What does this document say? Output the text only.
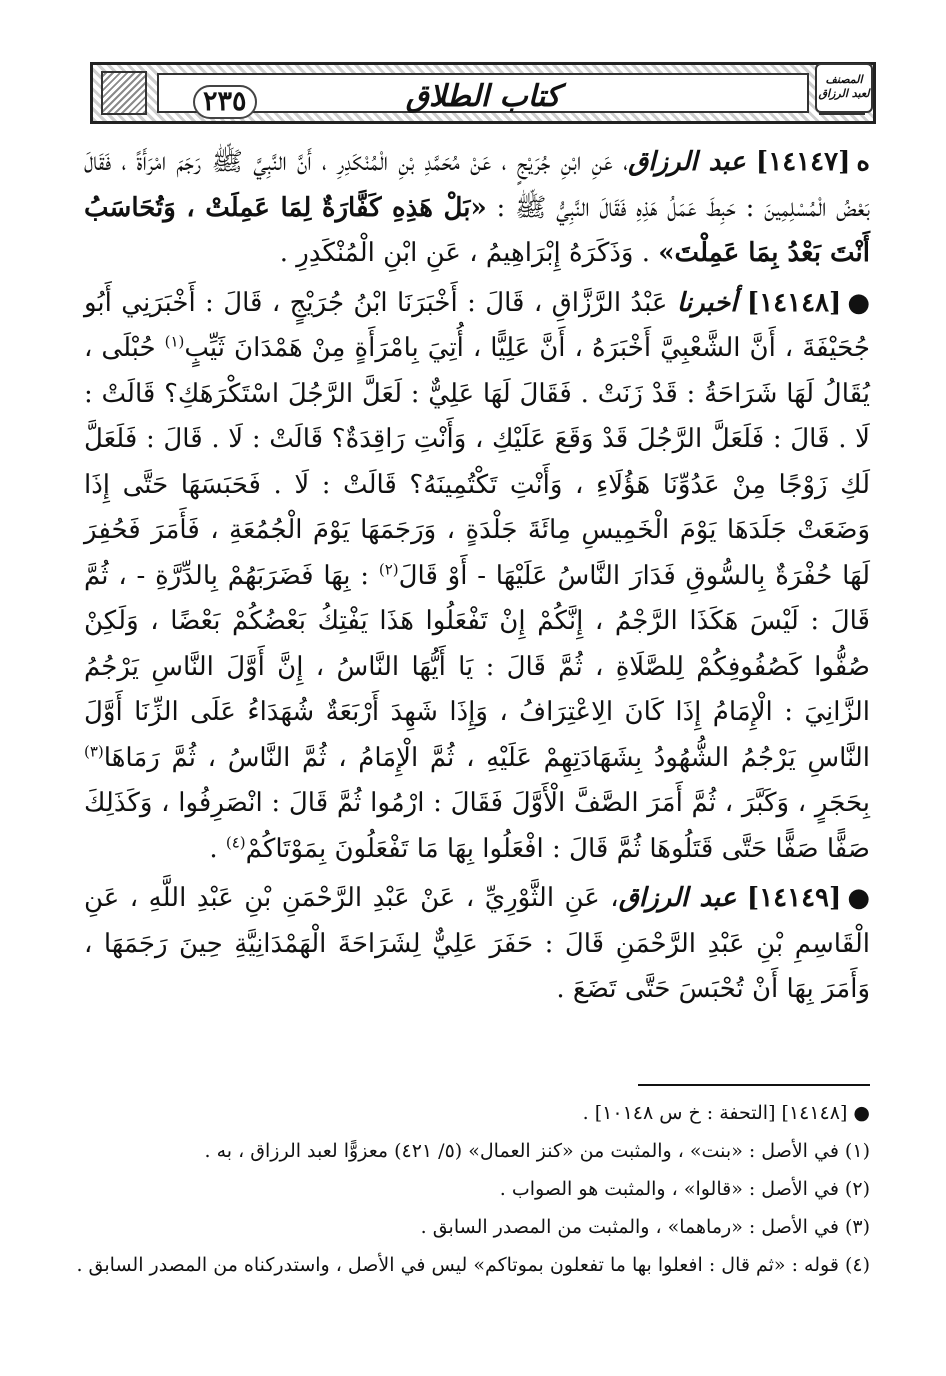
٢٣٥	كتاب الطلاق	المصنف لعبد الرزاق

ه[١٤١٤٧] عبد الرزاق، عَنِ ابْنِ جُرَيْجٍ ، عَنْ مُحَمَّدِ بْنِ الْمُنْكَدِرِ ، أَنَّ النَّبِيَّ ﷺ رَجَمَ امْرَأَةً ، فَقَالَ بَعْضُ الْمُسْلِمِينَ : حَبِطَ عَمَلُ هَذِهِ فَقَالَ النَّبِيُّ ﷺ : «بَلْ هَذِهِ كَفَّارَةٌ لِمَا عَمِلَتْ ، وَتُحَاسَبُ أَنْتَ بَعْدُ بِمَا عَمِلْتَ» . وَذَكَرَهُ إِبْرَاهِيمُ ، عَنِ ابْنِ الْمُنْكَدِرِ .

●[١٤١٤٨] أخبرنا عَبْدُ الرَّزَّاقِ ، قَالَ : أَخْبَرَنَا ابْنُ جُرَيْجٍ ، قَالَ : أَخْبَرَنِي أَبُو جُحَيْفَةَ ، أَنَّ الشَّعْبِيَّ أَخْبَرَهُ ، أَنَّ عَلِيًّا ، أُتِيَ بِامْرَأَةٍ مِنْ هَمْدَانَ ثَيِّبٍ$^{(١)}$ حُبْلَى ، يُقَالُ لَهَا شَرَاحَةُ : قَدْ زَنَتْ . فَقَالَ لَهَا عَلِيٌّ : لَعَلَّ الرَّجُلَ اسْتَكْرَهَكِ؟ قَالَتْ : لَا . قَالَ : فَلَعَلَّ الرَّجُلَ قَدْ وَقَعَ عَلَيْكِ ، وَأَنْتِ رَاقِدَةٌ؟ قَالَتْ : لَا . قَالَ : فَلَعَلَّ لَكِ زَوْجًا مِنْ عَدُوِّنَا هَؤُلَاءِ ، وَأَنْتِ تَكْتُمِينَهُ؟ قَالَتْ : لَا . فَحَبَسَهَا حَتَّى إِذَا وَضَعَتْ جَلَدَهَا يَوْمَ الْخَمِيسِ مِائَةَ جَلْدَةٍ ، وَرَجَمَهَا يَوْمَ الْجُمُعَةِ ، فَأَمَرَ فَحُفِرَ لَهَا حُفْرَةٌ بِالسُّوقِ فَدَارَ النَّاسُ عَلَيْهَا - أَوْ قَالَ$^{(٢)}$ : بِهَا فَضَرَبَهُمْ بِالدِّرَّةِ - ، ثُمَّ قَالَ : لَيْسَ هَكَذَا الرَّجْمُ ، إِنَّكُمْ إِنْ تَفْعَلُوا هَذَا يَفْتِكُ بَعْضُكُمْ بَعْضًا ، وَلَكِنْ صُفُّوا كَصُفُوفِكُمْ لِلصَّلَاةِ ، ثُمَّ قَالَ : يَا أَيُّهَا النَّاسُ ، إِنَّ أَوَّلَ النَّاسِ يَرْجُمُ الزَّانِيَ : الْإِمَامُ إِذَا كَانَ الِاعْتِرَافُ ، وَإِذَا شَهِدَ أَرْبَعَةٌ شُهَدَاءُ عَلَى الزِّنَا أَوَّلَ النَّاسِ يَرْجُمُ الشُّهُودُ بِشَهَادَتِهِمْ عَلَيْهِ ، ثُمَّ الْإِمَامُ ، ثُمَّ النَّاسُ ، ثُمَّ رَمَاهَا$^{(٣)}$ بِحَجَرٍ ، وَكَبَّرَ ، ثُمَّ أَمَرَ الصَّفَّ الْأَوَّلَ فَقَالَ : ارْمُوا ثُمَّ قَالَ : انْصَرِفُوا ، وَكَذَلِكَ صَفًّا صَفًّا حَتَّى قَتَلُوهَا ثُمَّ قَالَ : افْعَلُوا بِهَا مَا تَفْعَلُونَ بِمَوْتَاكُمْ$^{(٤)}$ .

●[١٤١٤٩] عبد الرزاق، عَنِ الثَّوْرِيِّ ، عَنْ عَبْدِ الرَّحْمَنِ بْنِ عَبْدِ اللَّهِ ، عَنِ الْقَاسِمِ بْنِ عَبْدِ الرَّحْمَنِ قَالَ : حَفَرَ عَلِيٌّ لِشَرَاحَةَ الْهَمْدَانِيَّةِ حِينَ رَجَمَهَا ، وَأَمَرَ بِهَا أَنْ تُحْبَسَ حَتَّى تَضَعَ .

● [١٤١٤٨] [التحفة : خ س ١٠١٤٨] .

(١) في الأصل : «بنت» ، والمثبت من «كنز العمال» (٥/ ٤٢١) معزوًّا لعبد الرزاق ، به .

(٢) في الأصل : «قالوا» ، والمثبت هو الصواب .

(٣) في الأصل : «رماهما» ، والمثبت من المصدر السابق .

(٤) قوله : «ثم قال : افعلوا بها ما تفعلون بموتاكم» ليس في الأصل ، واستدركناه من المصدر السابق .
